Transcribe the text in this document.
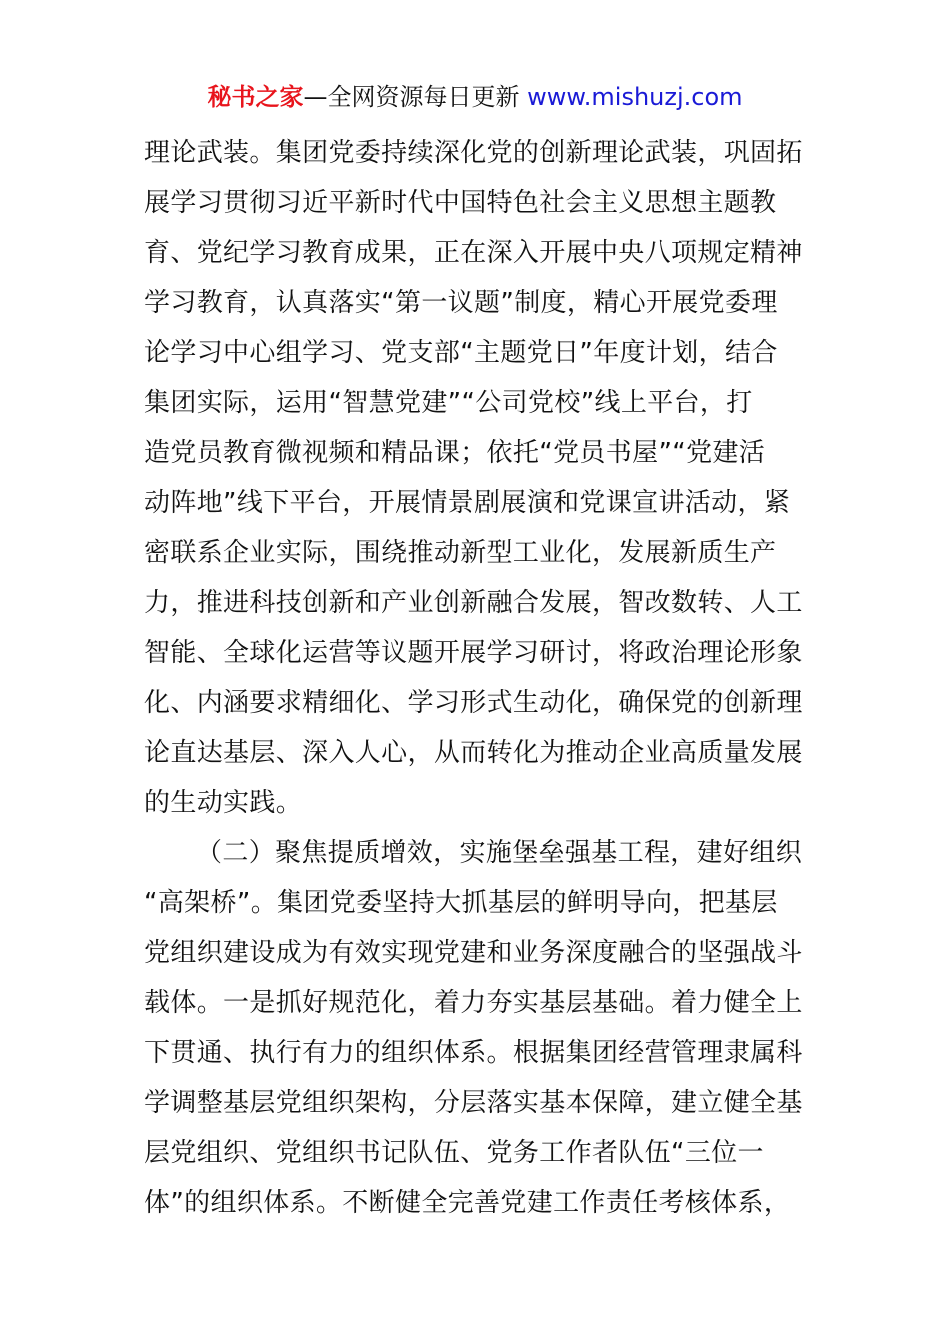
秘书之家—全网资源每日更新 www.mishuzj.com
理论武装。集团党委持续深化党的创新理论武装，巩固拓
展学习贯彻习近平新时代中国特色社会主义思想主题教
育、党纪学习教育成果，正在深入开展中央八项规定精神
学习教育，认真落实“第一议题”制度，精心开展党委理
论学习中心组学习、党支部“主题党日”年度计划，结合
集团实际，运用“智慧党建”“公司党校”线上平台，打
造党员教育微视频和精品课；依托“党员书屋”“党建活
动阵地”线下平台，开展情景剧展演和党课宣讲活动，紧
密联系企业实际，围绕推动新型工业化，发展新质生产
力，推进科技创新和产业创新融合发展，智改数转、人工
智能、全球化运营等议题开展学习研讨，将政治理论形象
化、内涵要求精细化、学习形式生动化，确保党的创新理
论直达基层、深入人心，从而转化为推动企业高质量发展
的生动实践。
（二）聚焦提质增效，实施堡垒强基工程，建好组织
“高架桥”。集团党委坚持大抓基层的鲜明导向，把基层
党组织建设成为有效实现党建和业务深度融合的坚强战斗
载体。一是抓好规范化，着力夯实基层基础。着力健全上
下贯通、执行有力的组织体系。根据集团经营管理隶属科
学调整基层党组织架构，分层落实基本保障，建立健全基
层党组织、党组织书记队伍、党务工作者队伍“三位一
体”的组织体系。不断健全完善党建工作责任考核体系，
